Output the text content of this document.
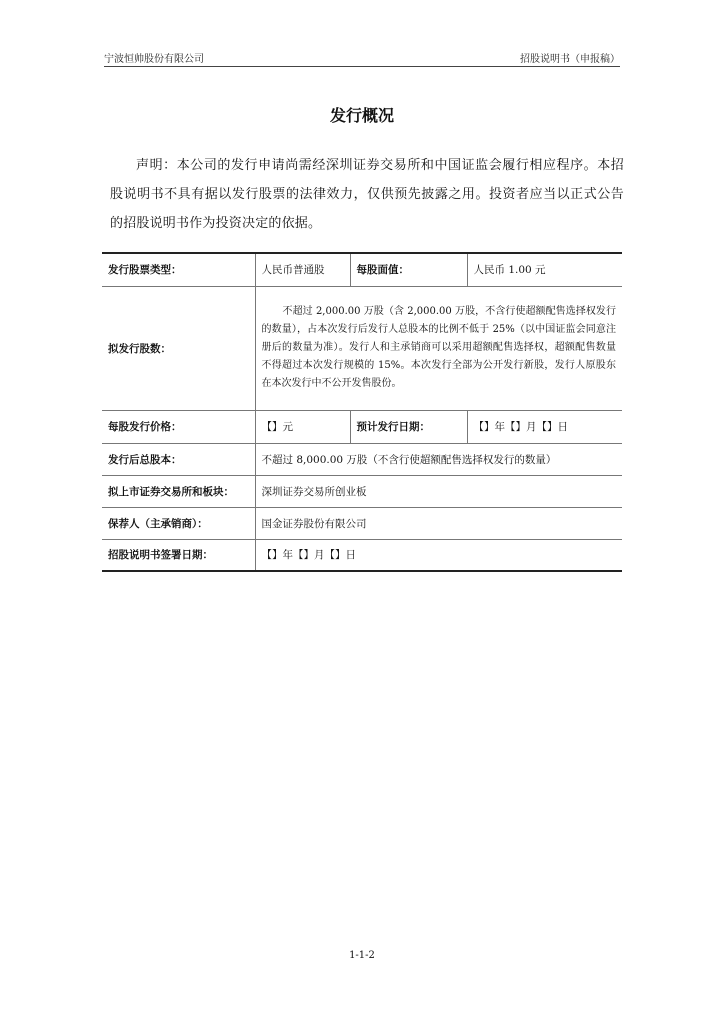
宁波恒帅股份有限公司	招股说明书（申报稿）
发行概况
声明：本公司的发行申请尚需经深圳证券交易所和中国证监会履行相应程序。本招股说明书不具有据以发行股票的法律效力，仅供预先披露之用。投资者应当以正式公告的招股说明书作为投资决定的依据。
发行股票类型：	人民币普通股	每股面值：	人民币 1.00 元
拟发行股数：	不超过 2,000.00 万股（含 2,000.00 万股，不含行使超额配售选择权发行的数量），占本次发行后发行人总股本的比例不低于 25%（以中国证监会同意注册后的数量为准）。发行人和主承销商可以采用超额配售选择权，超额配售数量不得超过本次发行规模的 15%。本次发行全部为公开发行新股，发行人原股东在本次发行中不公开发售股份。		

每股发行价格：	【】元	预计发行日期：	【】年【】月【】日
发行后总股本：	不超过 8,000.00 万股（不含行使超额配售选择权发行的数量）		
拟上市证券交易所和板块：	深圳证券交易所创业板		
保荐人（主承销商）：	国金证券股份有限公司		
招股说明书签署日期：	【】年【】月【】日		
1-1-2
